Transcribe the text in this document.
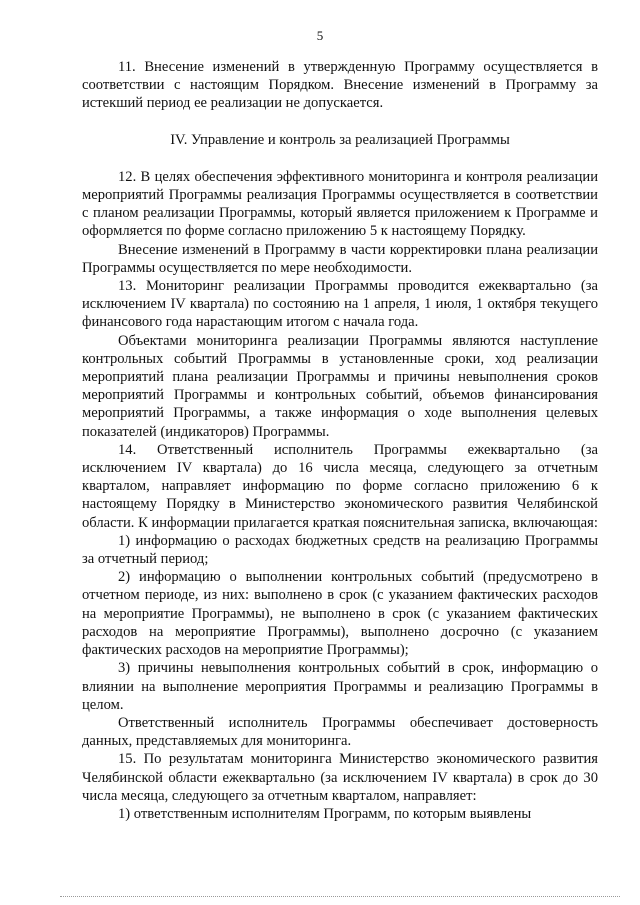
5

11. Внесение изменений в утвержденную Программу осуществляется в соответствии с настоящим Порядком. Внесение изменений в Программу за истекший период ее реализации не допускается.

IV. Управление и контроль за реализацией Программы

12. В целях обеспечения эффективного мониторинга и контроля реализации мероприятий Программы реализация Программы осуществляется в соответствии с планом реализации Программы, который является приложением к Программе и оформляется по форме согласно приложению 5 к настоящему Порядку.

Внесение изменений в Программу в части корректировки плана реализации Программы осуществляется по мере необходимости.

13. Мониторинг реализации Программы проводится ежеквартально (за исключением IV квартала) по состоянию на 1 апреля, 1 июля, 1 октября текущего финансового года нарастающим итогом с начала года.

Объектами мониторинга реализации Программы являются наступление контрольных событий Программы в установленные сроки, ход реализации мероприятий плана реализации Программы и причины невыполнения сроков мероприятий Программы и контрольных событий, объемов финансирования мероприятий Программы, а также информация о ходе выполнения целевых показателей (индикаторов) Программы.

14. Ответственный исполнитель Программы ежеквартально (за исключением IV квартала) до 16 числа месяца, следующего за отчетным кварталом, направляет информацию по форме согласно приложению 6 к настоящему Порядку в Министерство экономического развития Челябинской области. К информации прилагается краткая пояснительная записка, включающая:

1) информацию о расходах бюджетных средств на реализацию Программы за отчетный период;

2) информацию о выполнении контрольных событий (предусмотрено в отчетном периоде, из них: выполнено в срок (с указанием фактических расходов на мероприятие Программы), не выполнено в срок (с указанием фактических расходов на мероприятие Программы), выполнено досрочно (с указанием фактических расходов на мероприятие Программы);

3) причины невыполнения контрольных событий в срок, информацию о влиянии на выполнение мероприятия Программы и реализацию Программы в целом.

Ответственный исполнитель Программы обеспечивает достоверность данных, представляемых для мониторинга.

15. По результатам мониторинга Министерство экономического развития Челябинской области ежеквартально (за исключением IV квартала) в срок до 30 числа месяца, следующего за отчетным кварталом, направляет:

1) ответственным исполнителям Программ, по которым выявлены
